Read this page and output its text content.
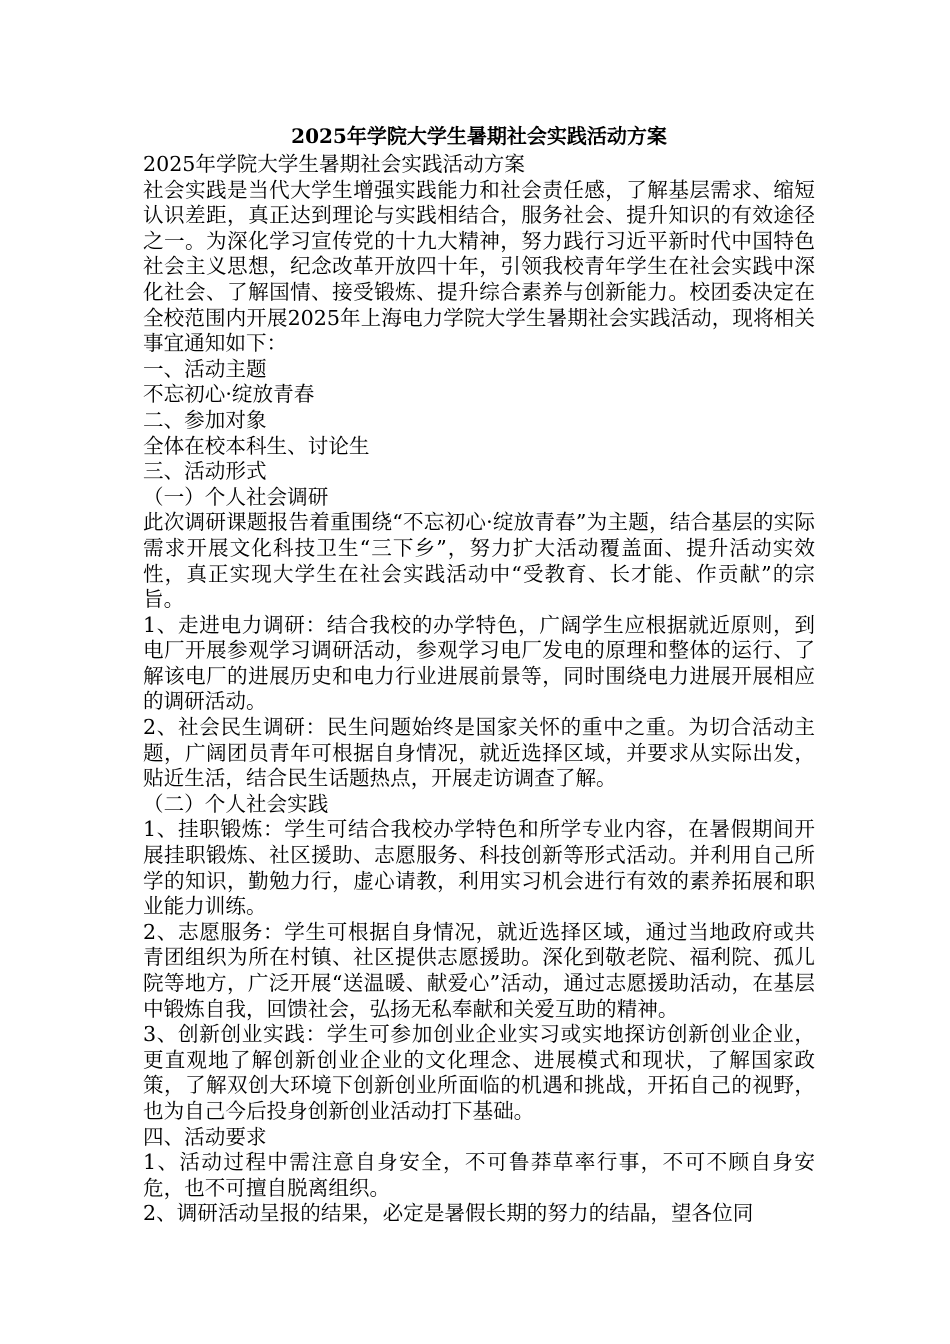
2025年学院大学生暑期社会实践活动方案

2025年学院大学生暑期社会实践活动方案

社会实践是当代大学生增强实践能力和社会责任感，了解基层需求、缩短认识差距，真正达到理论与实践相结合，服务社会、提升知识的有效途径之一。为深化学习宣传党的十九大精神，努力践行习近平新时代中国特色社会主义思想，纪念改革开放四十年，引领我校青年学生在社会实践中深化社会、了解国情、接受锻炼、提升综合素养与创新能力。校团委决定在全校范围内开展2025年上海电力学院大学生暑期社会实践活动，现将相关事宜通知如下：

一、活动主题

不忘初心·绽放青春

二、参加对象

全体在校本科生、讨论生

三、活动形式

（一）个人社会调研

此次调研课题报告着重围绕“不忘初心·绽放青春”为主题，结合基层的实际需求开展文化科技卫生“三下乡”，努力扩大活动覆盖面、提升活动实效性，真正实现大学生在社会实践活动中“受教育、长才能、作贡献”的宗旨。

1、走进电力调研：结合我校的办学特色，广阔学生应根据就近原则，到电厂开展参观学习调研活动，参观学习电厂发电的原理和整体的运行、了解该电厂的进展历史和电力行业进展前景等，同时围绕电力进展开展相应的调研活动。

2、社会民生调研：民生问题始终是国家关怀的重中之重。为切合活动主题，广阔团员青年可根据自身情况，就近选择区域，并要求从实际出发，贴近生活，结合民生话题热点，开展走访调查了解。

（二）个人社会实践

1、挂职锻炼：学生可结合我校办学特色和所学专业内容，在暑假期间开展挂职锻炼、社区援助、志愿服务、科技创新等形式活动。并利用自己所学的知识，勤勉力行，虚心请教，利用实习机会进行有效的素养拓展和职业能力训练。

2、志愿服务：学生可根据自身情况，就近选择区域，通过当地政府或共青团组织为所在村镇、社区提供志愿援助。深化到敬老院、福利院、孤儿院等地方，广泛开展“送温暖、献爱心”活动，通过志愿援助活动，在基层中锻炼自我，回馈社会，弘扬无私奉献和关爱互助的精神。

3、创新创业实践：学生可参加创业企业实习或实地探访创新创业企业，更直观地了解创新创业企业的文化理念、进展模式和现状，了解国家政策，了解双创大环境下创新创业所面临的机遇和挑战，开拓自己的视野，也为自己今后投身创新创业活动打下基础。

四、活动要求

1、活动过程中需注意自身安全，不可鲁莽草率行事，不可不顾自身安危，也不可擅自脱离组织。

2、调研活动呈报的结果，必定是暑假长期的努力的结晶，望各位同
